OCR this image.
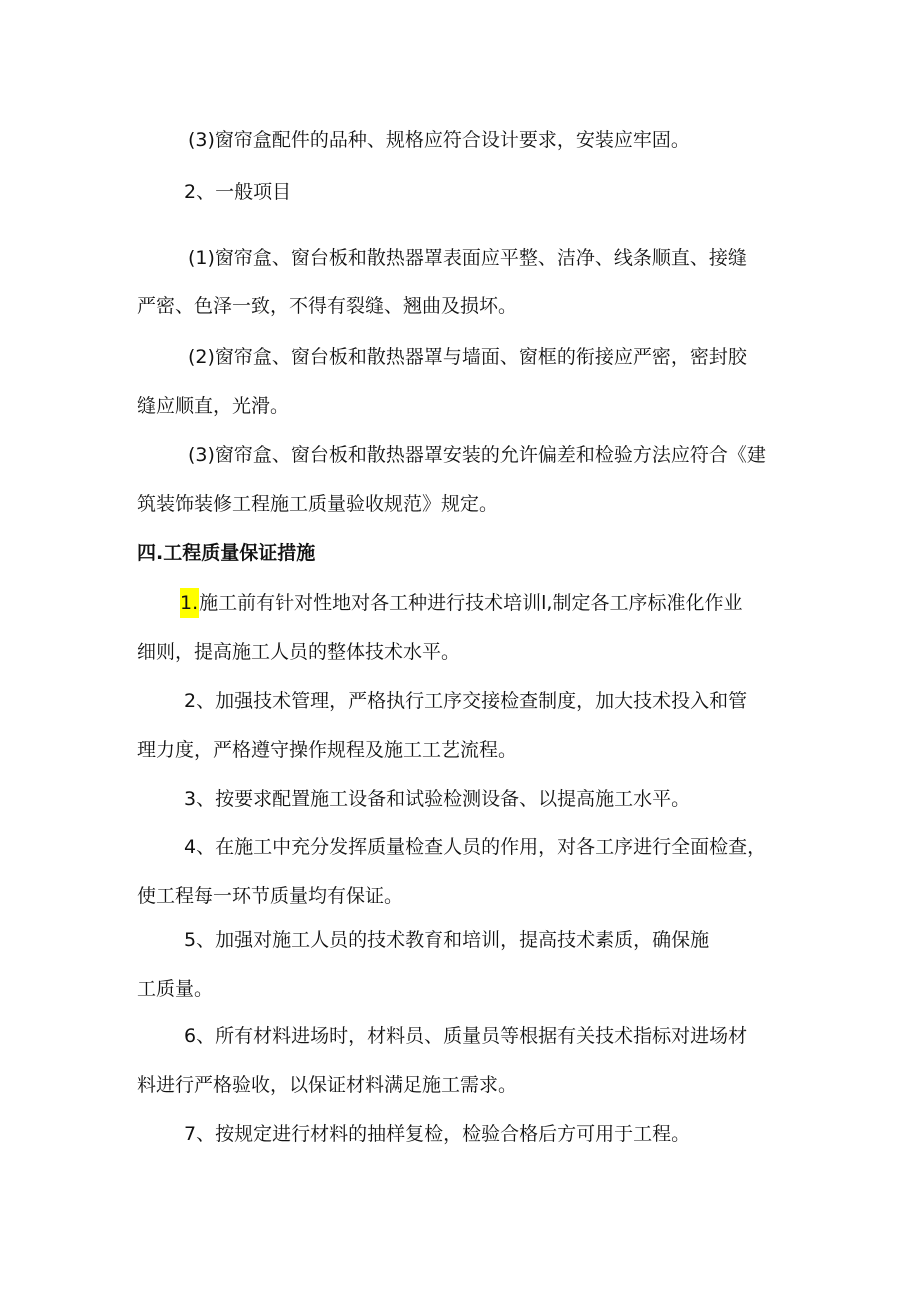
(3)窗帘盒配件的品种、规格应符合设计要求，安装应牢固。
2、一般项目
(1)窗帘盒、窗台板和散热器罩表面应平整、洁净、线条顺直、接缝
严密、色泽一致，不得有裂缝、翘曲及损坏。
(2)窗帘盒、窗台板和散热器罩与墙面、窗框的衔接应严密，密封胶
缝应顺直，光滑。
(3)窗帘盒、窗台板和散热器罩安装的允许偏差和检验方法应符合《建
筑装饰装修工程施工质量验收规范》规定。
四.工程质量保证措施
1.施工前有针对性地对各工种进行技术培训l,制定各工序标准化作业
细则，提高施工人员的整体技术水平。
2、加强技术管理，严格执行工序交接检查制度，加大技术投入和管
理力度，严格遵守操作规程及施工工艺流程。
3、按要求配置施工设备和试验检测设备、以提高施工水平。
4、在施工中充分发挥质量检查人员的作用，对各工序进行全面检查，
使工程每一环节质量均有保证。
5、加强对施工人员的技术教育和培训，提高技术素质，确保施
工质量。
6、所有材料进场时，材料员、质量员等根据有关技术指标对进场材
料进行严格验收，以保证材料满足施工需求。
7、按规定进行材料的抽样复检，检验合格后方可用于工程。
